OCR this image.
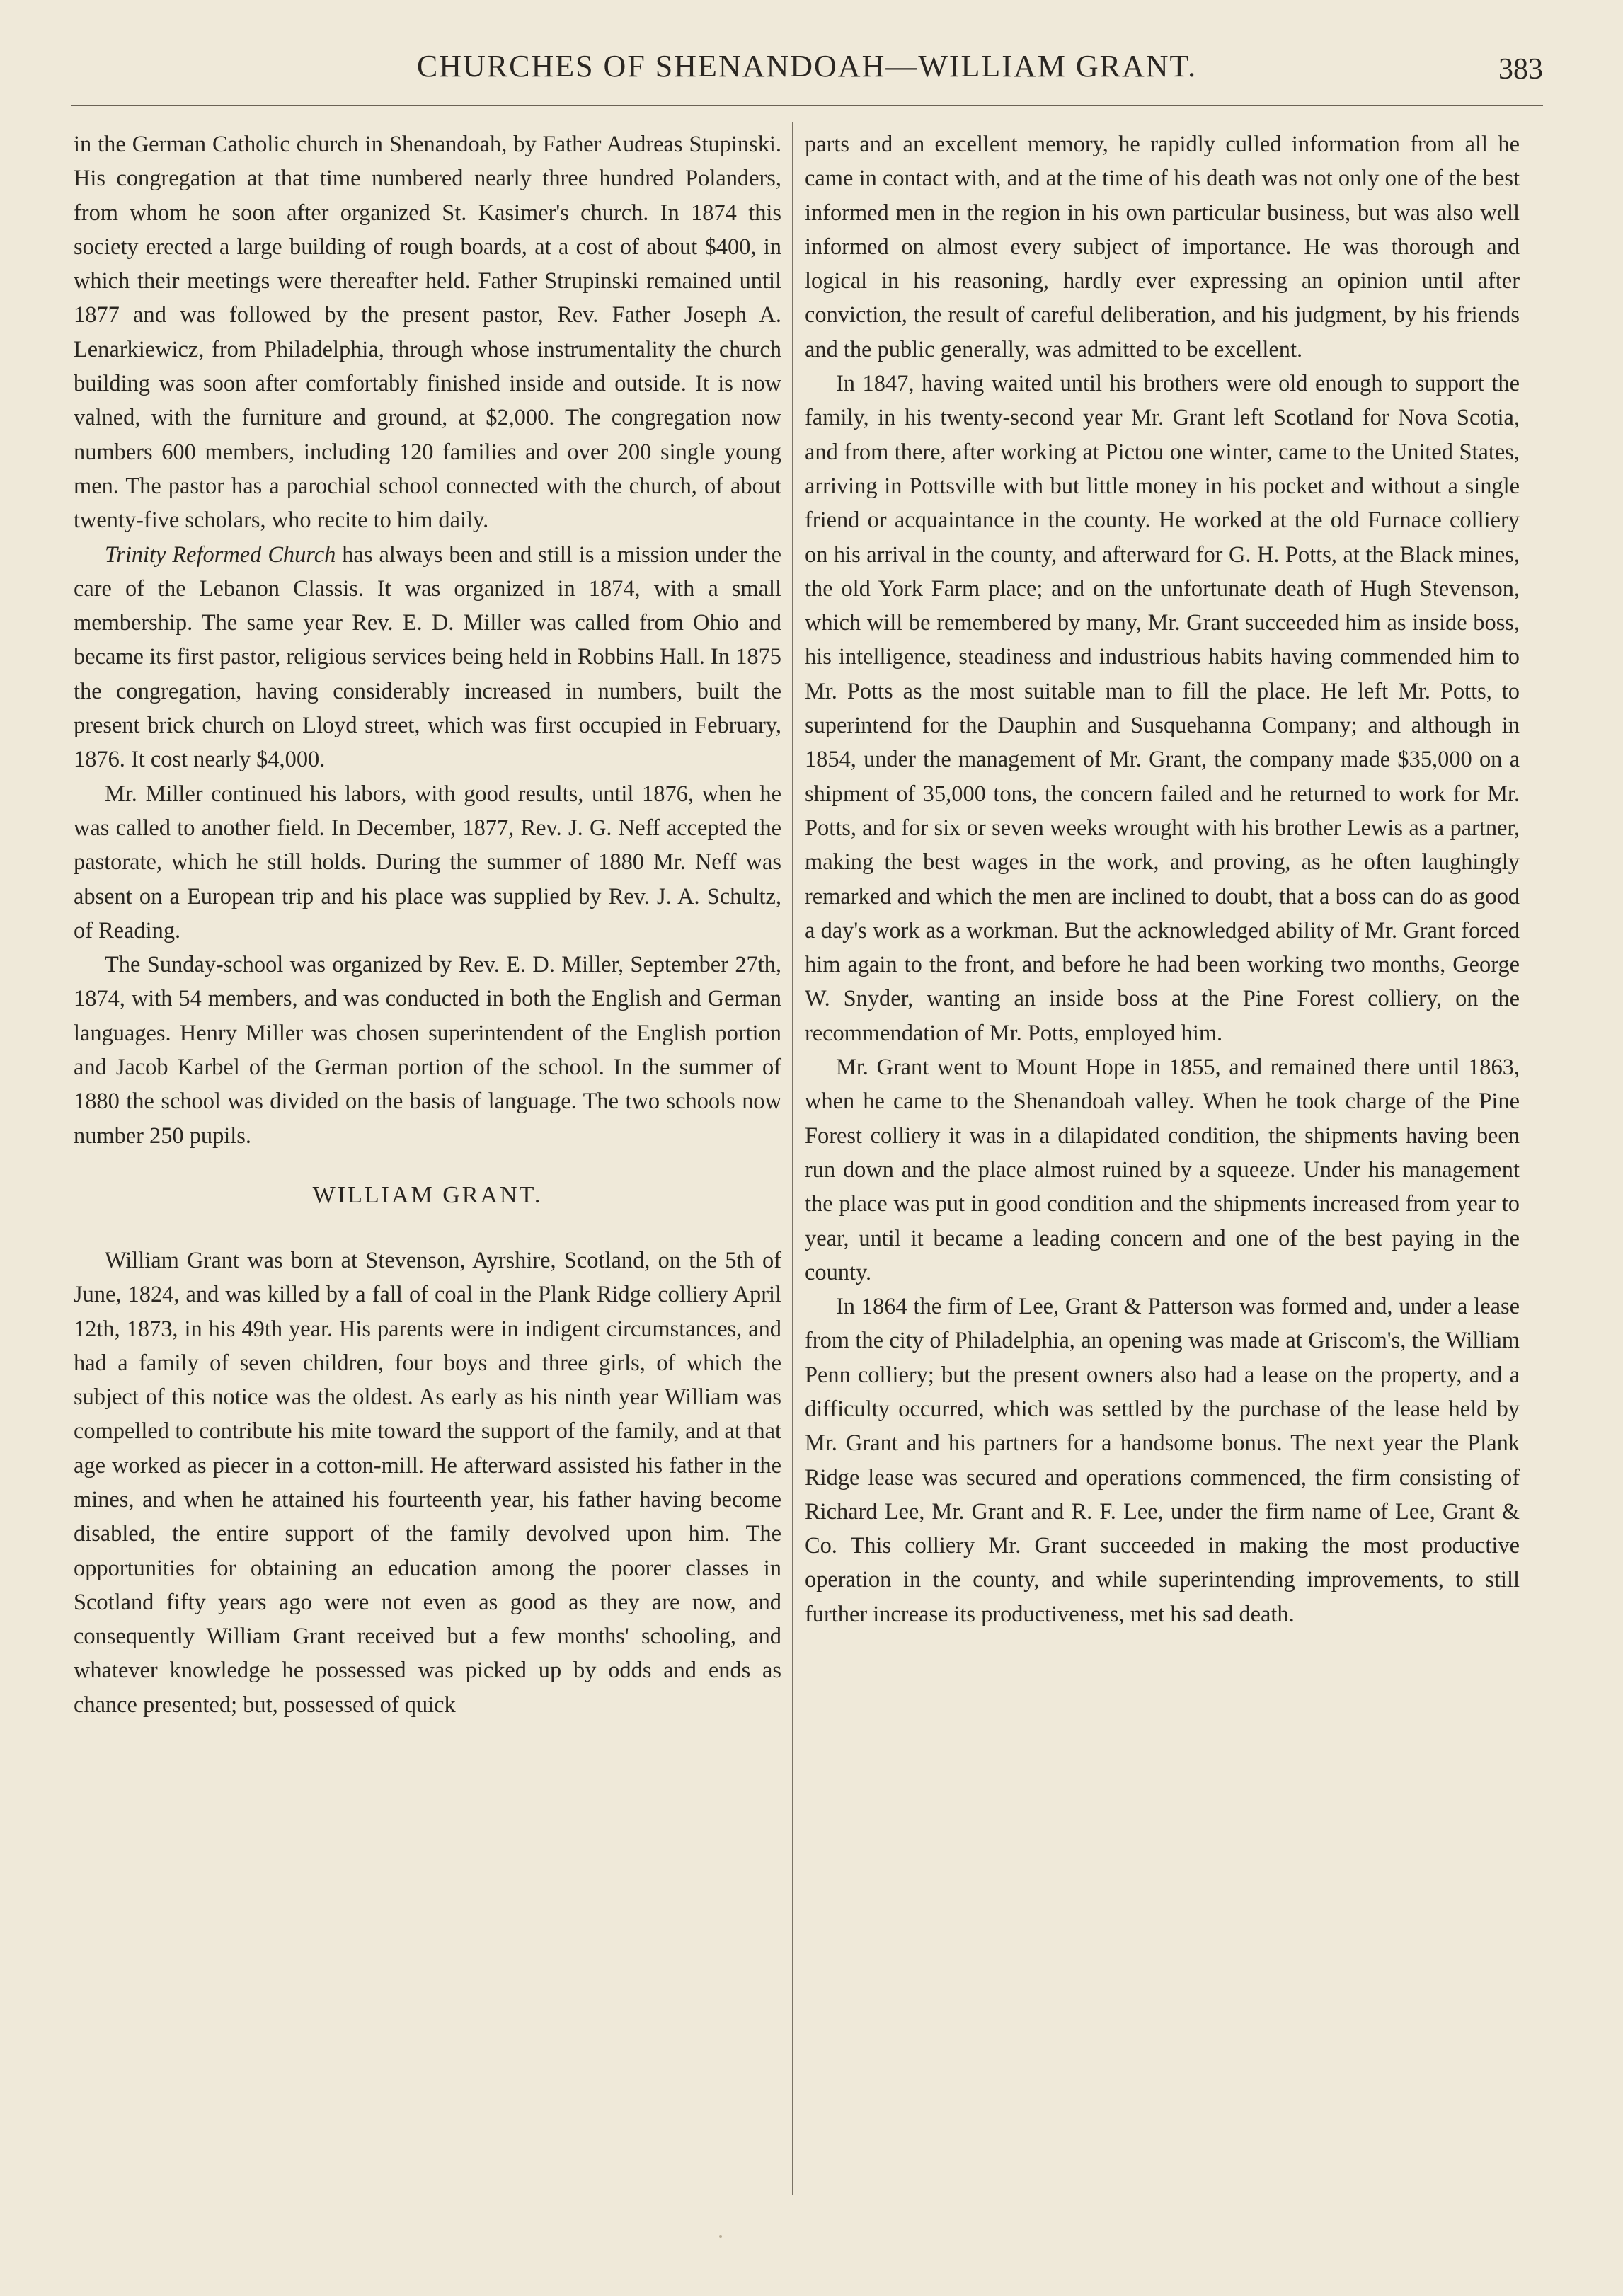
CHURCHES OF SHENANDOAH—WILLIAM GRANT.	383

in the German Catholic church in Shenandoah, by Father Audreas Stupinski. His congregation at that time numbered nearly three hundred Polanders, from whom he soon after organized St. Kasimer's church. In 1874 this society erected a large building of rough boards, at a cost of about $400, in which their meetings were thereafter held. Father Strupinski remained until 1877 and was followed by the present pastor, Rev. Father Joseph A. Lenarkiewicz, from Philadelphia, through whose instrumentality the church building was soon after comfortably finished inside and outside. It is now valned, with the furniture and ground, at $2,000. The congregation now numbers 600 members, including 120 families and over 200 single young men. The pastor has a parochial school connected with the church, of about twenty-five scholars, who recite to him daily.

Trinity Reformed Church has always been and still is a mission under the care of the Lebanon Classis. It was organized in 1874, with a small membership. The same year Rev. E. D. Miller was called from Ohio and became its first pastor, religious services being held in Robbins Hall. In 1875 the congregation, having considerably increased in numbers, built the present brick church on Lloyd street, which was first occupied in February, 1876. It cost nearly $4,000.

Mr. Miller continued his labors, with good results, until 1876, when he was called to another field. In December, 1877, Rev. J. G. Neff accepted the pastorate, which he still holds. During the summer of 1880 Mr. Neff was absent on a European trip and his place was supplied by Rev. J. A. Schultz, of Reading.

The Sunday-school was organized by Rev. E. D. Miller, September 27th, 1874, with 54 members, and was conducted in both the English and German languages. Henry Miller was chosen superintendent of the English portion and Jacob Karbel of the German portion of the school. In the summer of 1880 the school was divided on the basis of language. The two schools now number 250 pupils.

WILLIAM GRANT.

William Grant was born at Stevenson, Ayrshire, Scotland, on the 5th of June, 1824, and was killed by a fall of coal in the Plank Ridge colliery April 12th, 1873, in his 49th year. His parents were in indigent circumstances, and had a family of seven children, four boys and three girls, of which the subject of this notice was the oldest. As early as his ninth year William was compelled to contribute his mite toward the support of the family, and at that age worked as piecer in a cotton-mill. He afterward assisted his father in the mines, and when he attained his fourteenth year, his father having become disabled, the entire support of the family devolved upon him. The opportunities for obtaining an education among the poorer classes in Scotland fifty years ago were not even as good as they are now, and consequently William Grant received but a few months' schooling, and whatever knowledge he possessed was picked up by odds and ends as chance presented; but, possessed of quick

parts and an excellent memory, he rapidly culled information from all he came in contact with, and at the time of his death was not only one of the best informed men in the region in his own particular business, but was also well informed on almost every subject of importance. He was thorough and logical in his reasoning, hardly ever expressing an opinion until after conviction, the result of careful deliberation, and his judgment, by his friends and the public generally, was admitted to be excellent.

In 1847, having waited until his brothers were old enough to support the family, in his twenty-second year Mr. Grant left Scotland for Nova Scotia, and from there, after working at Pictou one winter, came to the United States, arriving in Pottsville with but little money in his pocket and without a single friend or acquaintance in the county. He worked at the old Furnace colliery on his arrival in the county, and afterward for G. H. Potts, at the Black mines, the old York Farm place; and on the unfortunate death of Hugh Stevenson, which will be remembered by many, Mr. Grant succeeded him as inside boss, his intelligence, steadiness and industrious habits having commended him to Mr. Potts as the most suitable man to fill the place. He left Mr. Potts, to superintend for the Dauphin and Susquehanna Company; and although in 1854, under the management of Mr. Grant, the company made $35,000 on a shipment of 35,000 tons, the concern failed and he returned to work for Mr. Potts, and for six or seven weeks wrought with his brother Lewis as a partner, making the best wages in the work, and proving, as he often laughingly remarked and which the men are inclined to doubt, that a boss can do as good a day's work as a workman. But the acknowledged ability of Mr. Grant forced him again to the front, and before he had been working two months, George W. Snyder, wanting an inside boss at the Pine Forest colliery, on the recommendation of Mr. Potts, employed him.

Mr. Grant went to Mount Hope in 1855, and remained there until 1863, when he came to the Shenandoah valley. When he took charge of the Pine Forest colliery it was in a dilapidated condition, the shipments having been run down and the place almost ruined by a squeeze. Under his management the place was put in good condition and the shipments increased from year to year, until it became a leading concern and one of the best paying in the county.

In 1864 the firm of Lee, Grant & Patterson was formed and, under a lease from the city of Philadelphia, an opening was made at Griscom's, the William Penn colliery; but the present owners also had a lease on the property, and a difficulty occurred, which was settled by the purchase of the lease held by Mr. Grant and his partners for a handsome bonus. The next year the Plank Ridge lease was secured and operations commenced, the firm consisting of Richard Lee, Mr. Grant and R. F. Lee, under the firm name of Lee, Grant & Co. This colliery Mr. Grant succeeded in making the most productive operation in the county, and while superintending improvements, to still further increase its productiveness, met his sad death.
